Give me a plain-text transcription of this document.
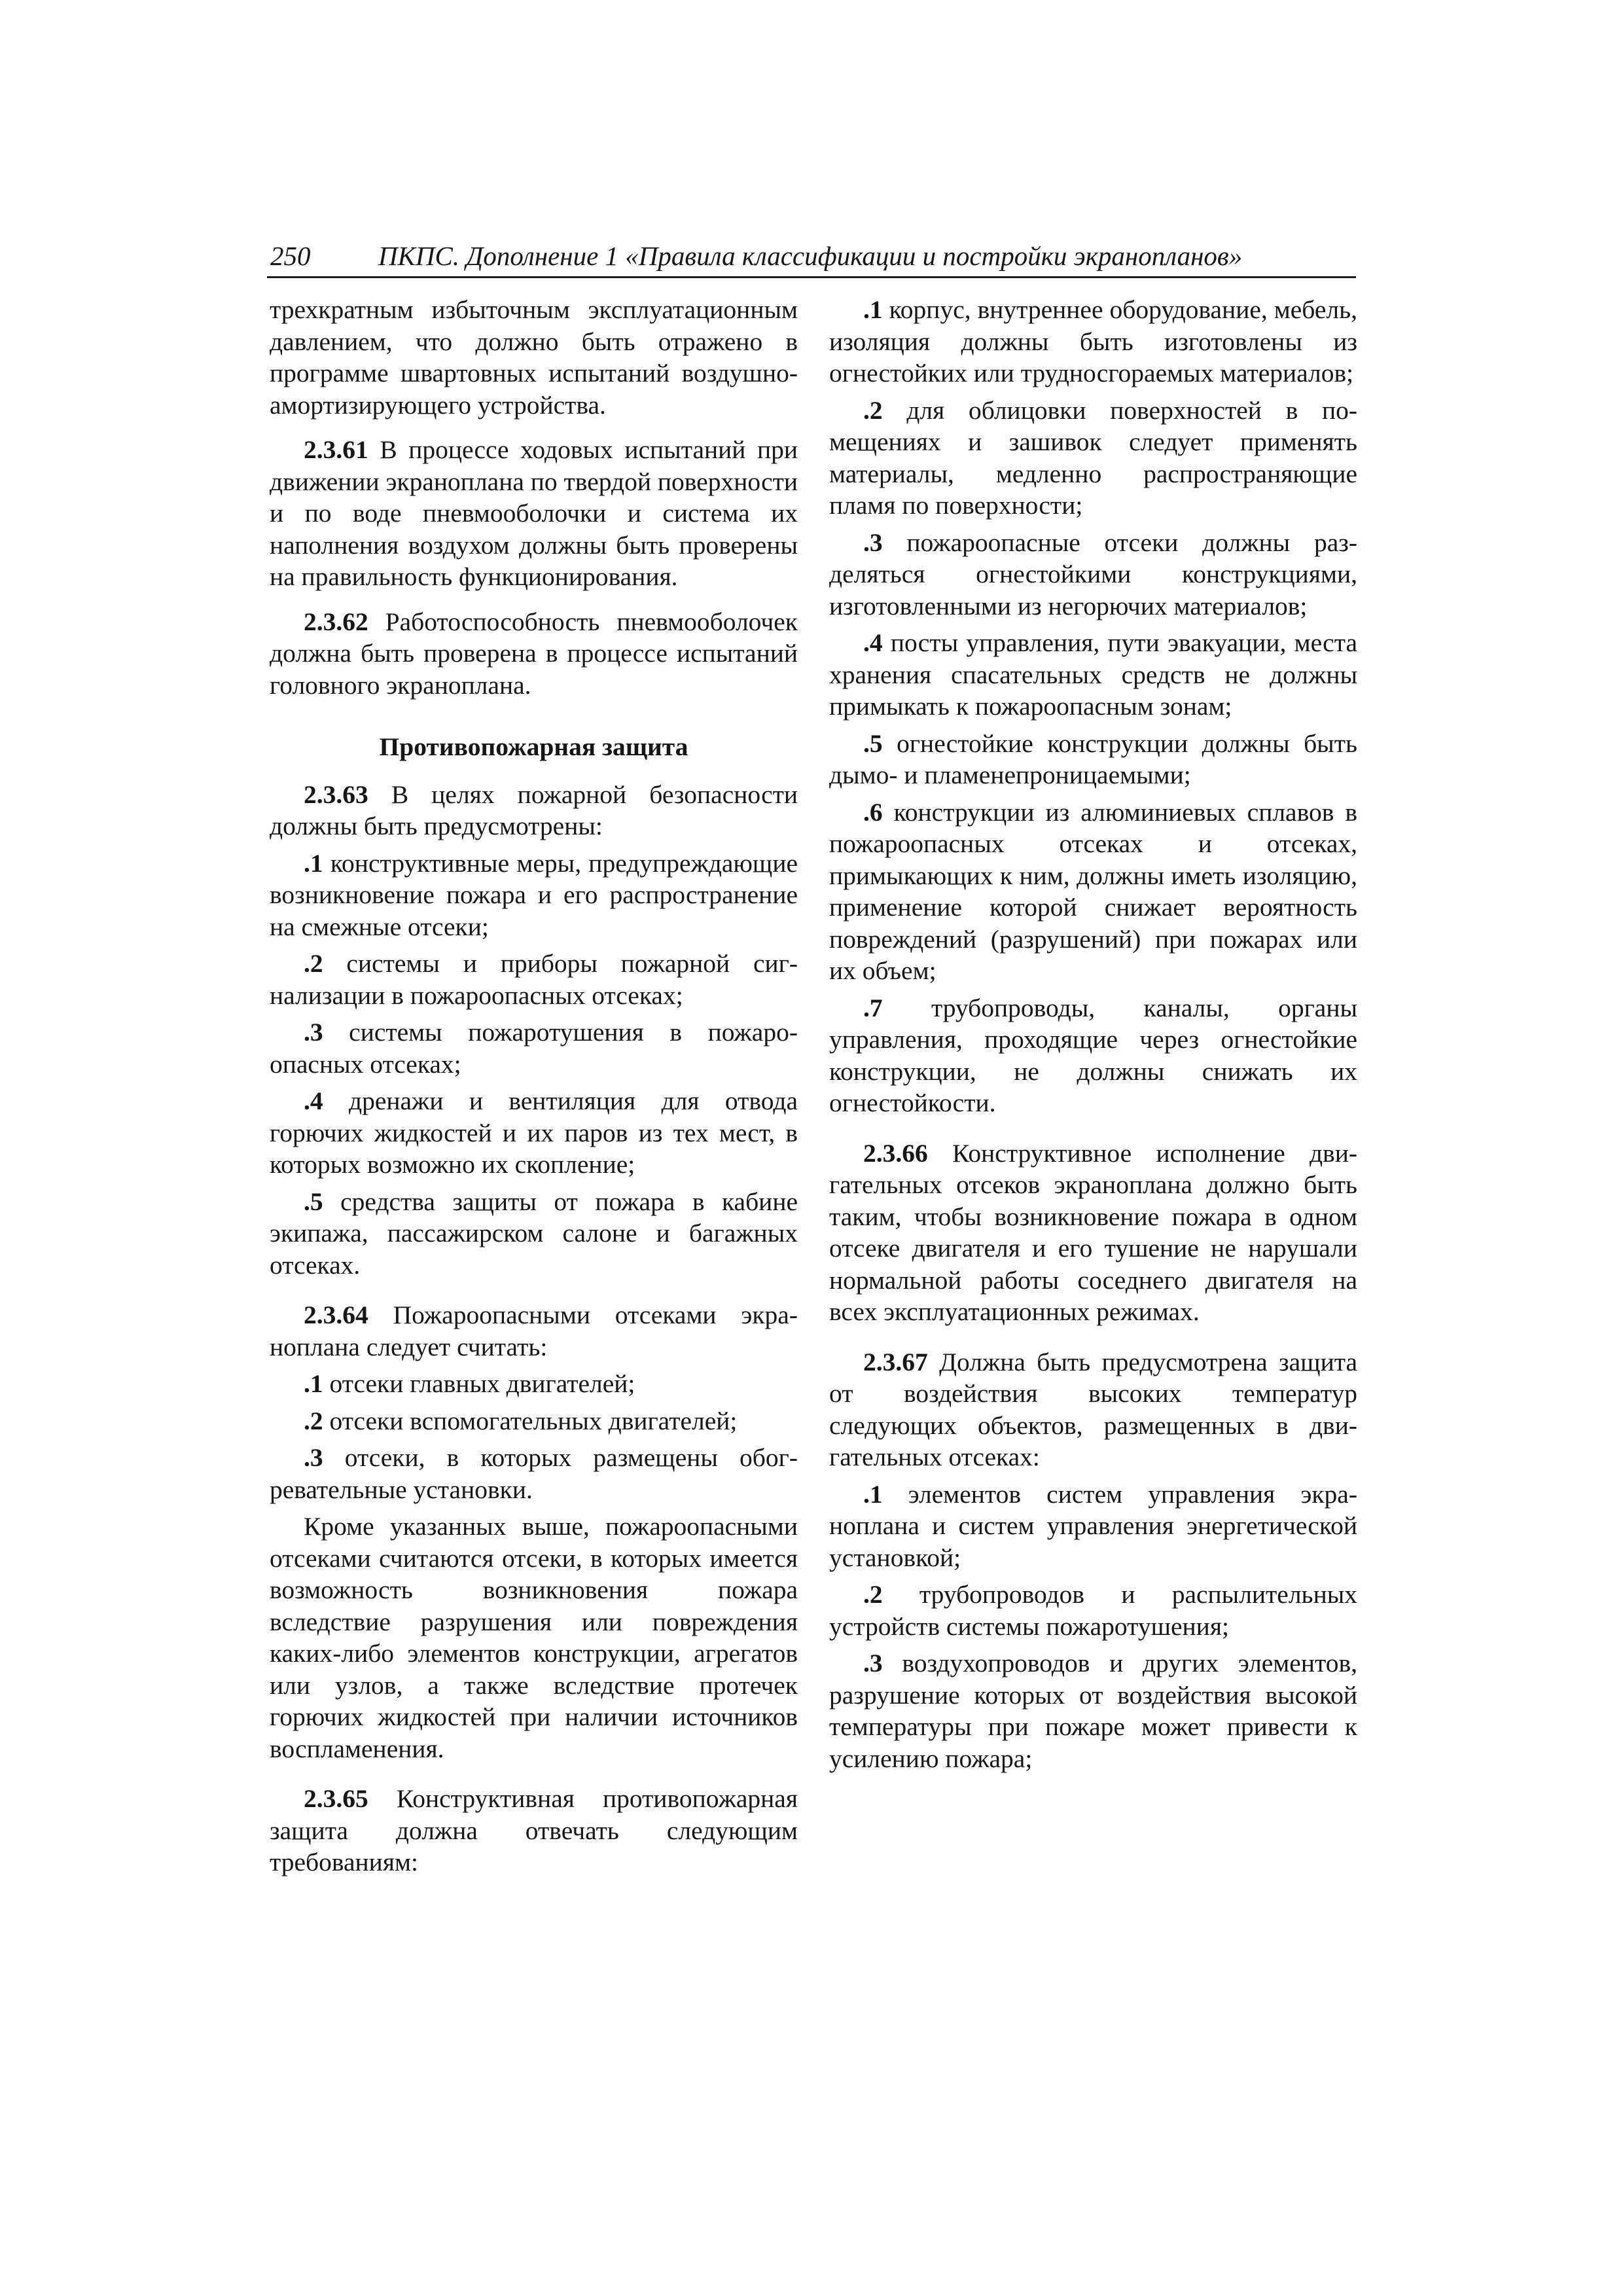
250	ПКПС. Дополнение 1 «Правила классификации и постройки экранопланов»

трехкратным избыточным эксплуатационным давлением, что должно быть отражено в программе швартовных испытаний воздушно-амортизирующего устройства.

2.3.61 В процессе ходовых испытаний при движении экраноплана по твердой поверхности и по воде пневмооболочки и система их наполнения воздухом должны быть проверены на правильность функционирования.

2.3.62 Работоспособность пневмооболочек должна быть проверена в процессе испытаний головного экраноплана.

Противопожарная защита

2.3.63 В целях пожарной безопасности должны быть предусмотрены:

.1 конструктивные меры, предупреждающие возникновение пожара и его распространение на смежные отсеки;

.2 системы и приборы пожарной сигнализации в пожароопасных отсеках;

.3 системы пожаротушения в пожароопасных отсеках;

.4 дренажи и вентиляция для отвода горючих жидкостей и их паров из тех мест, в которых возможно их скопление;

.5 средства защиты от пожара в кабине экипажа, пассажирском салоне и багажных отсеках.

2.3.64 Пожароопасными отсеками экраноплана следует считать:

.1 отсеки главных двигателей;

.2 отсеки вспомогательных двигателей;

.3 отсеки, в которых размещены обогревательные установки.

Кроме указанных выше, пожароопасными отсеками считаются отсеки, в которых имеется возможность возникновения пожара вследствие разрушения или повреждения каких-либо элементов конструкции, агрегатов или узлов, а также вследствие протечек горючих жидкостей при наличии источников воспламенения.

2.3.65 Конструктивная противопожарная защита должна отвечать следующим требованиям:

.1 корпус, внутреннее оборудование, мебель, изоляция должны быть изготовлены из огнестойких или трудносгораемых материалов;

.2 для облицовки поверхностей в помещениях и зашивок следует применять материалы, медленно распространяющие пламя по поверхности;

.3 пожароопасные отсеки должны разделяться огнестойкими конструкциями, изготовленными из негорючих материалов;

.4 посты управления, пути эвакуации, места хранения спасательных средств не должны примыкать к пожароопасным зонам;

.5 огнестойкие конструкции должны быть дымо- и пламенепроницаемыми;

.6 конструкции из алюминиевых сплавов в пожароопасных отсеках и отсеках, примыкающих к ним, должны иметь изоляцию, применение которой снижает вероятность повреждений (разрушений) при пожарах или их объем;

.7 трубопроводы, каналы, органы управления, проходящие через огнестойкие конструкции, не должны снижать их огнестойкости.

2.3.66 Конструктивное исполнение двигательных отсеков экраноплана должно быть таким, чтобы возникновение пожара в одном отсеке двигателя и его тушение не нарушали нормальной работы соседнего двигателя на всех эксплуатационных режимах.

2.3.67 Должна быть предусмотрена защита от воздействия высоких температур следующих объектов, размещенных в двигательных отсеках:

.1 элементов систем управления экраноплана и систем управления энергетической установкой;

.2 трубопроводов и распылительных устройств системы пожаротушения;

.3 воздухопроводов и других элементов, разрушение которых от воздействия высокой температуры при пожаре может привести к усилению пожара;
